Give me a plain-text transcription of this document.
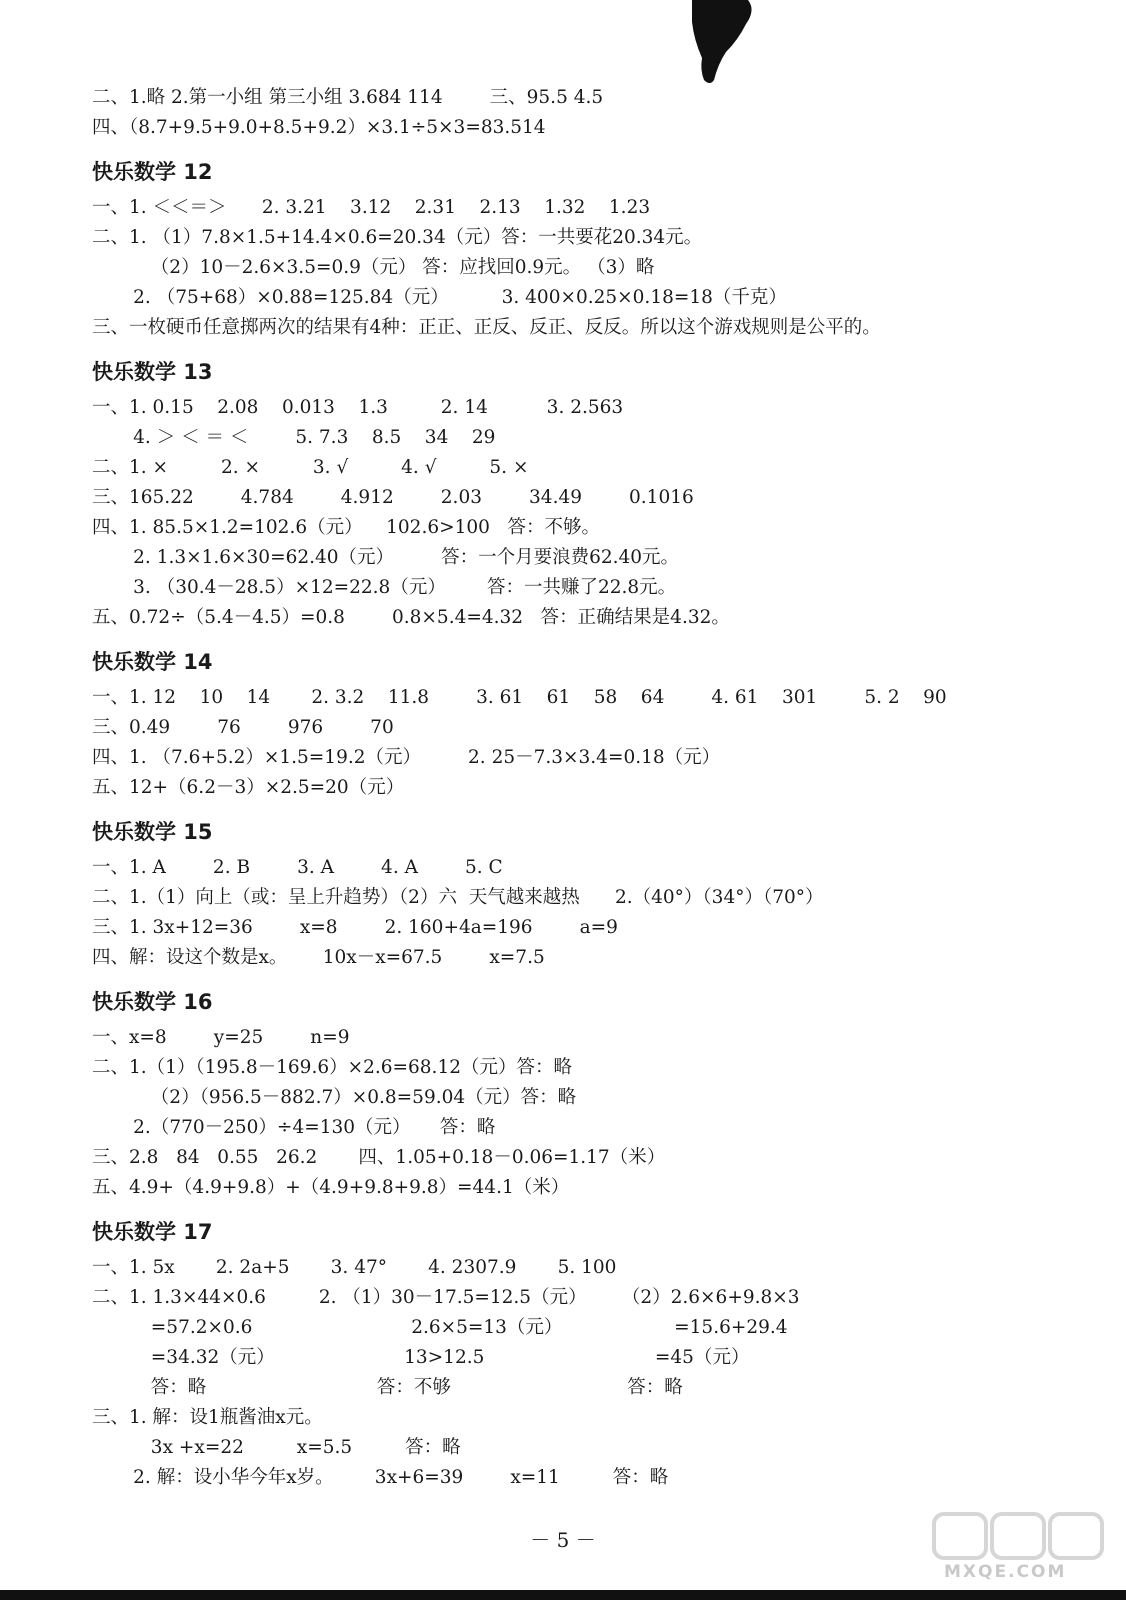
二、1.略 2.第一小组 第三小组 3.684 114        三、95.5 4.5
四、（8.7+9.5+9.0+8.5+9.2）×3.1÷5×3=83.514
快乐数学 12
一、1. ＜＜＝＞      2. 3.21    3.12    2.31    2.13    1.32    1.23
二、1. （1）7.8×1.5+14.4×0.6=20.34（元）答：一共要花20.34元。
（2）10－2.6×3.5=0.9（元） 答：应找回0.9元。 （3）略
2. （75+68）×0.88=125.84（元）         3. 400×0.25×0.18=18（千克）
三、一枚硬币任意掷两次的结果有4种：正正、正反、反正、反反。所以这个游戏规则是公平的。
快乐数学 13
一、1. 0.15    2.08    0.013    1.3         2. 14          3. 2.563
4. ＞ ＜ ＝ ＜        5. 7.3    8.5    34    29
二、1. ×         2. ×         3. √         4. √         5. ×
三、165.22        4.784        4.912        2.03        34.49        0.1016
四、1. 85.5×1.2=102.6（元）    102.6>100   答：不够。
2. 1.3×1.6×30=62.40（元）        答：一个月要浪费62.40元。
3. （30.4－28.5）×12=22.8（元）       答：一共赚了22.8元。
五、0.72÷（5.4－4.5）=0.8        0.8×5.4=4.32   答：正确结果是4.32。
快乐数学 14
一、1. 12    10    14       2. 3.2    11.8        3. 61    61    58    64        4. 61    301        5. 2    90
三、0.49        76        976        70
四、1. （7.6+5.2）×1.5=19.2（元）        2. 25－7.3×3.4=0.18（元）
五、12+（6.2－3）×2.5=20（元）
快乐数学 15
一、1. A        2. B        3. A        4. A        5. C
二、1.（1）向上（或：呈上升趋势）（2）六  天气越来越热      2.（40°）（34°）（70°）
三、1. 3x+12=36        x=8        2. 160+4a=196        a=9
四、解：设这个数是x。      10x－x=67.5        x=7.5
快乐数学 16
一、x=8        y=25        n=9
二、1.（1）（195.8－169.6）×2.6=68.12（元）答：略
（2）（956.5－882.7）×0.8=59.04（元）答：略
2.（770－250）÷4=130（元）     答：略
三、2.8   84   0.55   26.2       四、1.05+0.18－0.06=1.17（米）
五、4.9+（4.9+9.8）+（4.9+9.8+9.8）=44.1（米）
快乐数学 17
一、1. 5x       2. 2a+5       3. 47°       4. 2307.9       5. 100
二、1. 1.3×44×0.6         2. （1）30－17.5=12.5（元）      （2）2.6×6+9.8×3
=57.2×0.6                           2.6×5=13（元）                   =15.6+29.4
=34.32（元）                      13>12.5                             =45（元）
答：略                             答：不够                              答：略
三、1. 解：设1瓶酱油x元。
3x +x=22         x=5.5         答：略
2. 解：设小华今年x岁。       3x+6=39        x=11         答：略
－ 5 －
MXQE.COM
